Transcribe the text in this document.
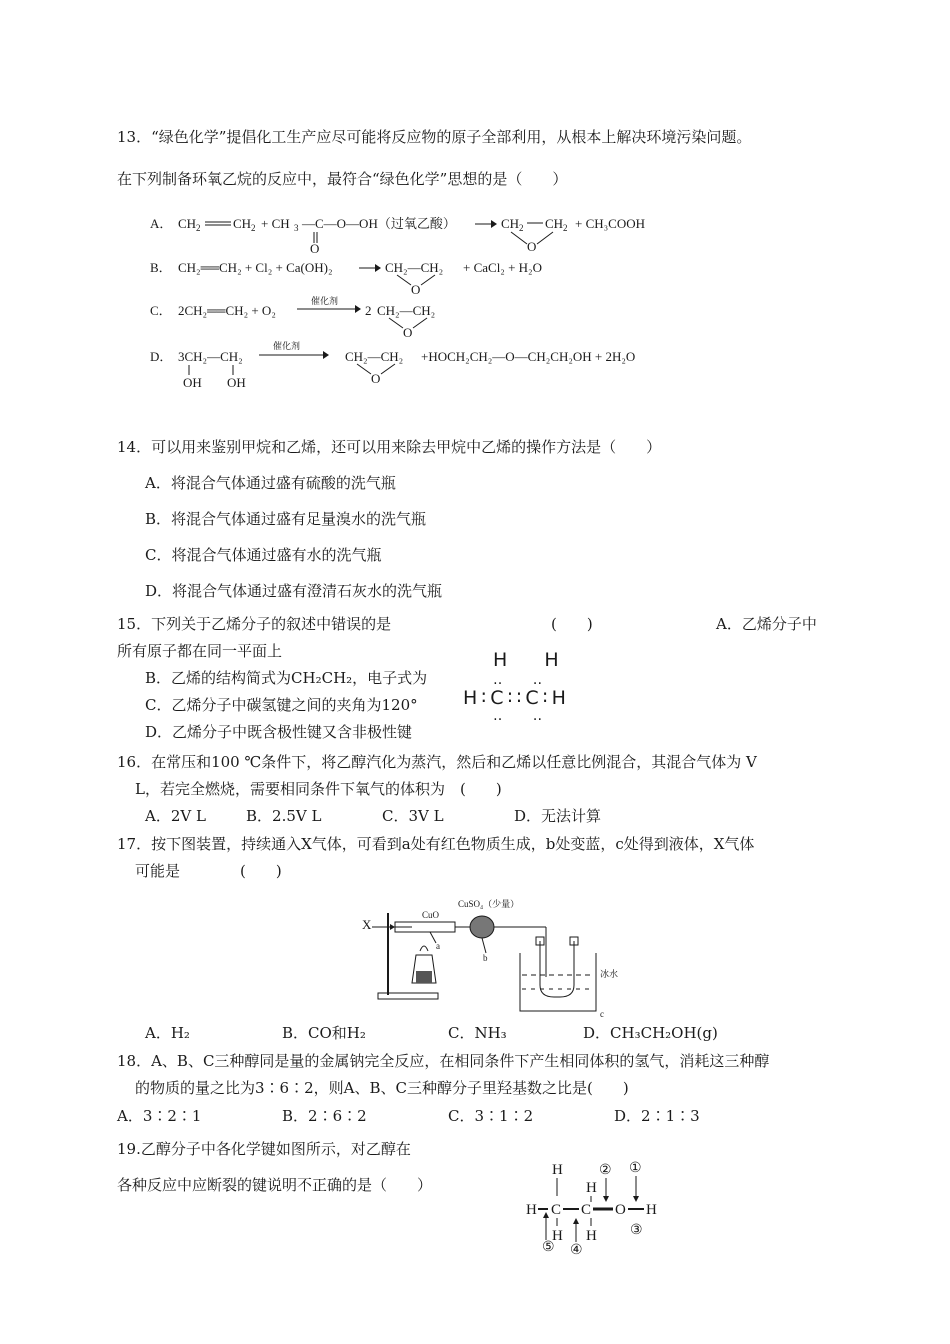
13．“绿色化学”提倡化工生产应尽可能将反应物的原子全部利用，从根本上解决环境污染问题。
在下列制备环氧乙烷的反应中，最符合“绿色化学”思想的是（　　）
A． CH 2	CH 2 + CH 3 —C—O—OH（过氧乙酸）
O
CH 2 CH 2
O
+ CH₃COOH
B． CH₂══CH₂ + Cl₂ + Ca(OH)₂	CH₂—CH₂
O
+ CaCl₂ + H₂O
C． 2CH₂══CH₂ + O₂
催化剂
2 CH₂—CH₂
O
D． 3CH₂—CH₂
OH OH
催化剂
CH₂—CH₂
O
+HOCH₂CH₂—O—CH₂CH₂OH + 2H₂O
14．可以用来鉴别甲烷和乙烯，还可以用来除去甲烷中乙烯的操作方法是（　　）
A．将混合气体通过盛有硫酸的洗气瓶
B．将混合气体通过盛有足量溴水的洗气瓶
C．将混合气体通过盛有水的洗气瓶
D．将混合气体通过盛有澄清石灰水的洗气瓶
15．下列关于乙烯分子的叙述中错误的是	(　　)	A．乙烯分子中
所有原子都在同一平面上
B．乙烯的结构简式为CH₂CH₂，电子式为
C．乙烯分子中碳氢键之间的夹角为120°
D．乙烯分子中既含极性键又含非极性键
H　 H
‥　 ‥
H∶C∶∶C∶H
‥　 ‥
16．在常压和100 ℃条件下，将乙醇汽化为蒸汽，然后和乙烯以任意比例混合，其混合气体为 V
L，若完全燃烧，需要相同条件下氧气的体积为　(　　)
A．2V L	B．2.5V L	C．3V L	D．无法计算
17．按下图装置，持续通入X气体，可看到a处有红色物质生成，b处变蓝，c处得到液体，X气体
可能是　　　　(　　)
X
CuO
a
CuSO₄（少量）
b
冰水
c
A．H₂	B．CO和H₂	C．NH₃	D．CH₃CH₂OH(g)
18．A、B、C三种醇同是量的金属钠完全反应，在相同条件下产生相同体积的氢气，消耗这三种醇
的物质的量之比为3∶6∶2，则A、B、C三种醇分子里羟基数之比是(　　)
A．3∶2∶1	B．2∶6∶2	C．3∶1∶2	D．2∶1∶3
19.乙醇分子中各化学键如图所示，对乙醇在
各种反应中应断裂的键说明不正确的是（　　）
H
H
H C C O H
H H
② ①
③
④
⑤
